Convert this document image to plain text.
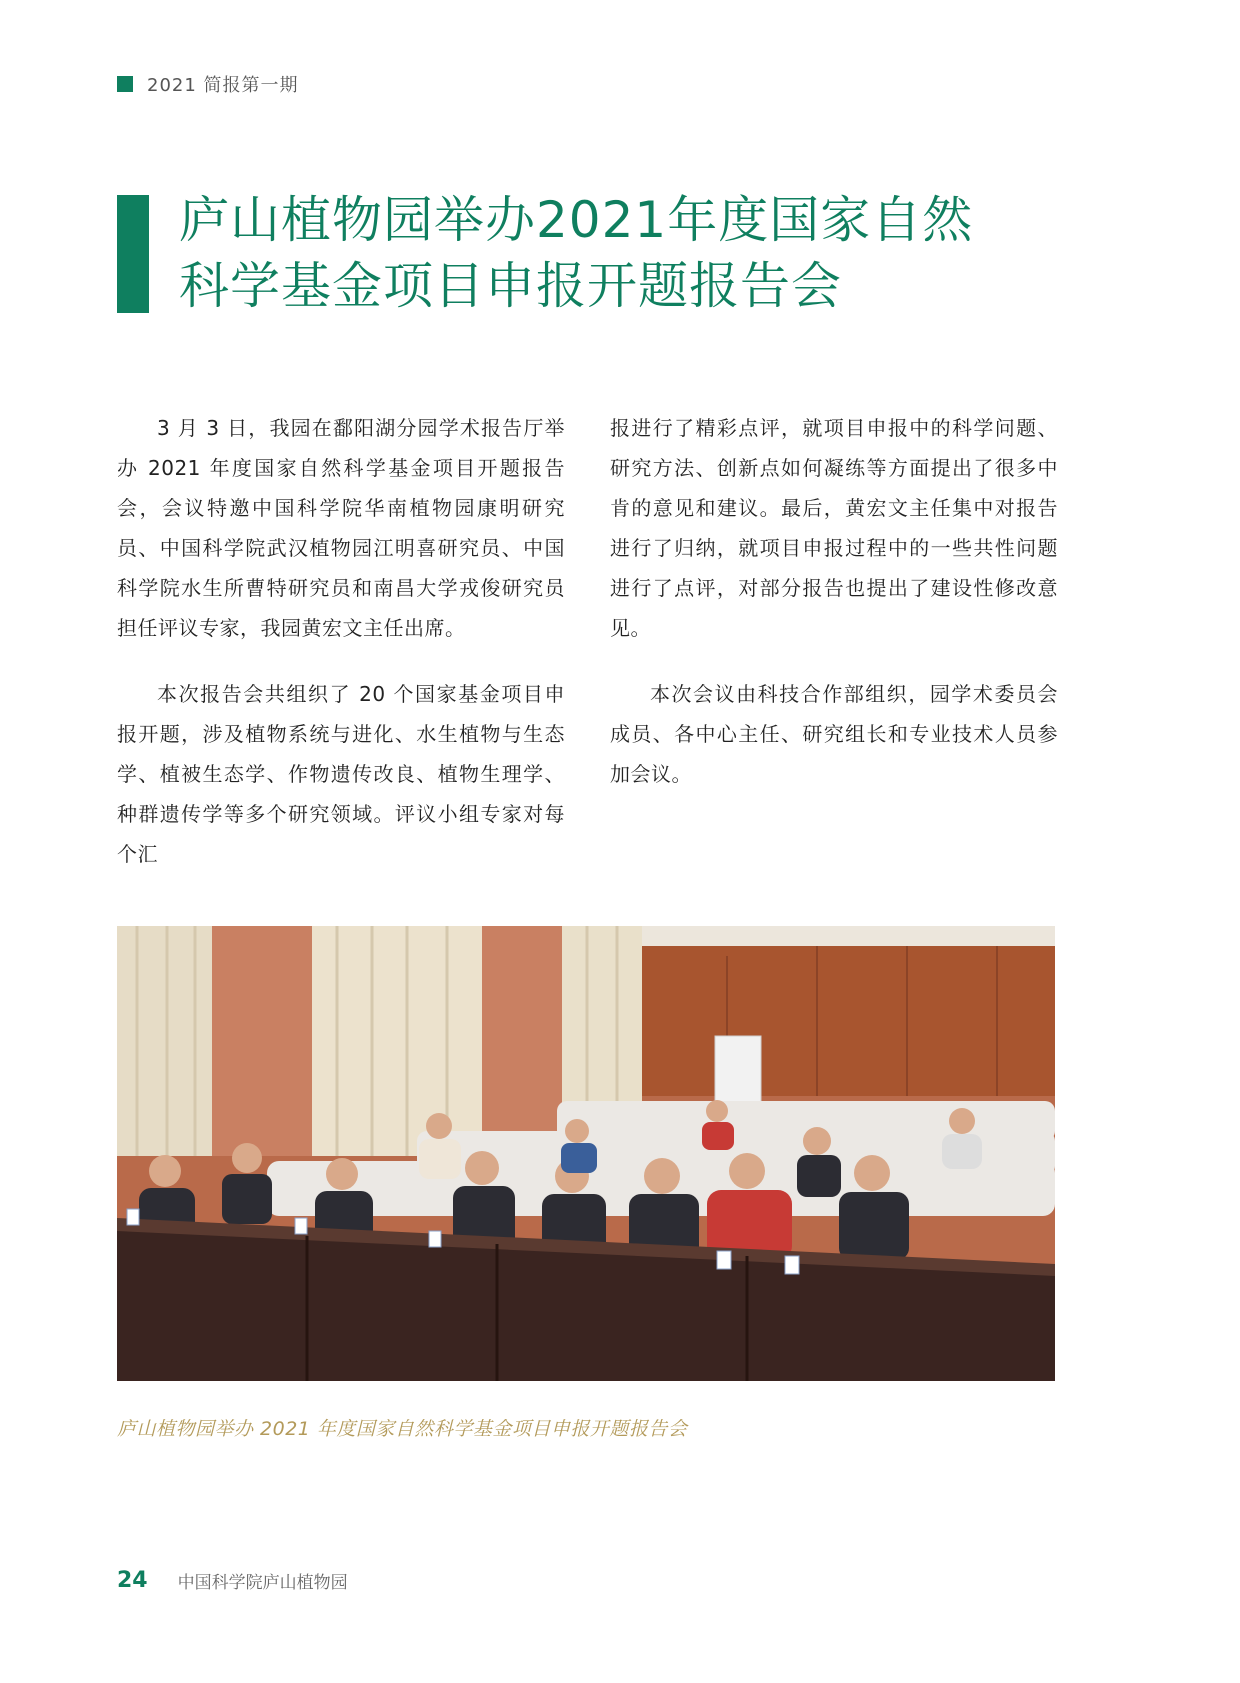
2021 简报第一期
庐山植物园举办2021年度国家自然
科学基金项目申报开题报告会

3 月 3 日，我园在鄱阳湖分园学术报告厅举办 2021 年度国家自然科学基金项目开题报告会，会议特邀中国科学院华南植物园康明研究员、中国科学院武汉植物园江明喜研究员、中国科学院水生所曹特研究员和南昌大学戎俊研究员担任评议专家，我园黄宏文主任出席。

本次报告会共组织了 20 个国家基金项目申报开题，涉及植物系统与进化、水生植物与生态学、植被生态学、作物遗传改良、植物生理学、种群遗传学等多个研究领域。评议小组专家对每个汇

报进行了精彩点评，就项目申报中的科学问题、研究方法、创新点如何凝练等方面提出了很多中肯的意见和建议。最后，黄宏文主任集中对报告进行了归纳，就项目申报过程中的一些共性问题进行了点评，对部分报告也提出了建设性修改意见。

本次会议由科技合作部组织，园学术委员会成员、各中心主任、研究组长和专业技术人员参加会议。

庐山植物园举办 2021 年度国家自然科学基金项目申报开题报告会
24 中国科学院庐山植物园
